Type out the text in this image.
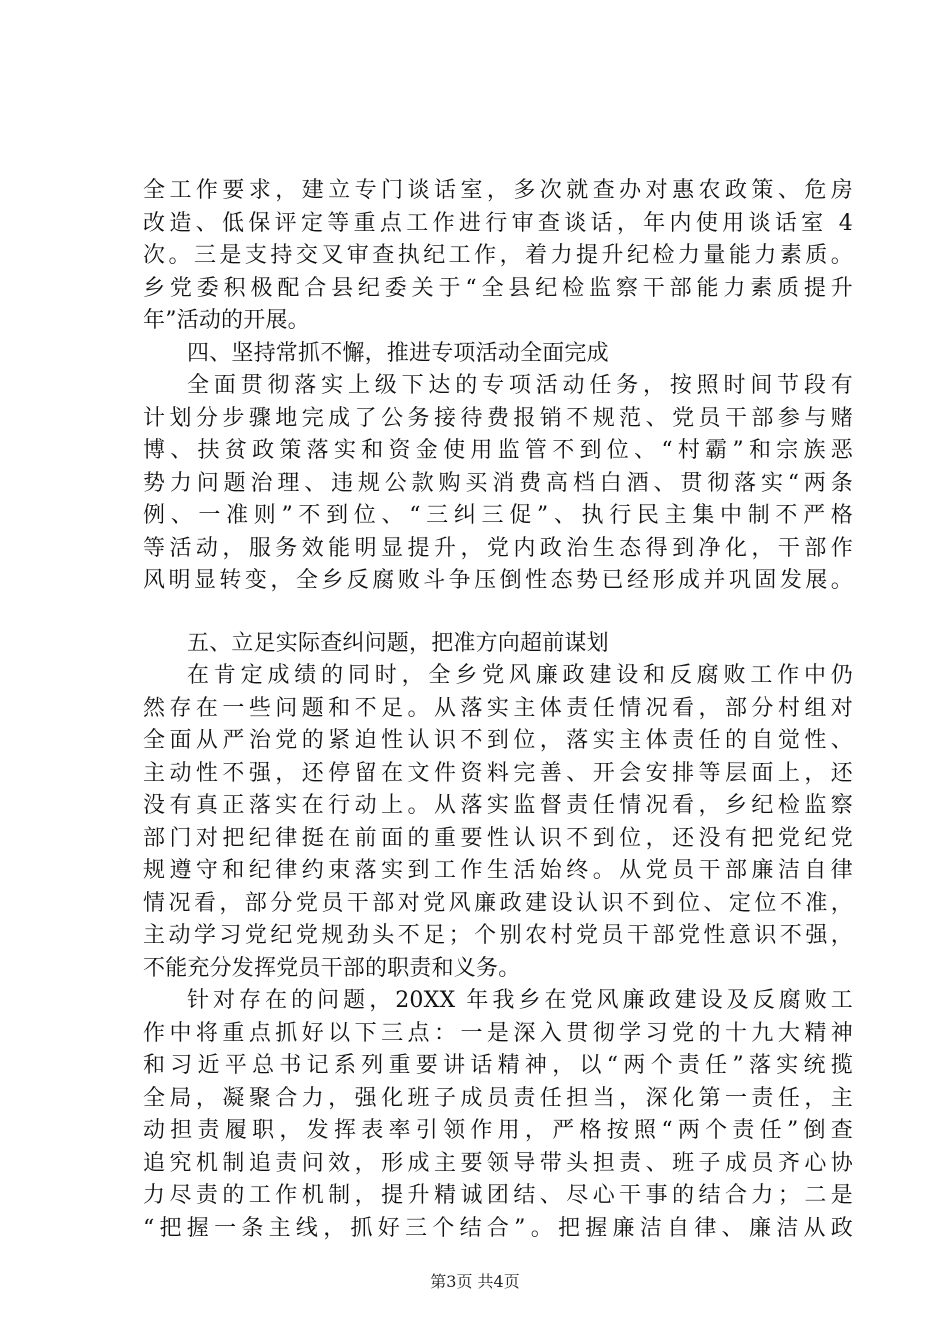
全工作要求，建立专门谈话室，多次就查办对惠农政策、危房
改造、低保评定等重点工作进行审查谈话，年内使用谈话室 4
次。三是支持交叉审查执纪工作，着力提升纪检力量能力素质。
乡党委积极配合县纪委关于“全县纪检监察干部能力素质提升
年”活动的开展。
四、坚持常抓不懈，推进专项活动全面完成
全面贯彻落实上级下达的专项活动任务，按照时间节段有
计划分步骤地完成了公务接待费报销不规范、党员干部参与赌
博、扶贫政策落实和资金使用监管不到位、“村霸”和宗族恶
势力问题治理、违规公款购买消费高档白酒、贯彻落实“两条
例、一准则”不到位、“三纠三促”、执行民主集中制不严格
等活动，服务效能明显提升，党内政治生态得到净化，干部作
风明显转变，全乡反腐败斗争压倒性态势已经形成并巩固发展。
五、立足实际查纠问题，把准方向超前谋划
在肯定成绩的同时，全乡党风廉政建设和反腐败工作中仍
然存在一些问题和不足。从落实主体责任情况看，部分村组对
全面从严治党的紧迫性认识不到位，落实主体责任的自觉性、
主动性不强，还停留在文件资料完善、开会安排等层面上，还
没有真正落实在行动上。从落实监督责任情况看，乡纪检监察
部门对把纪律挺在前面的重要性认识不到位，还没有把党纪党
规遵守和纪律约束落实到工作生活始终。从党员干部廉洁自律
情况看，部分党员干部对党风廉政建设认识不到位、定位不准，
主动学习党纪党规劲头不足；个别农村党员干部党性意识不强，
不能充分发挥党员干部的职责和义务。
针对存在的问题，20XX 年我乡在党风廉政建设及反腐败工
作中将重点抓好以下三点：一是深入贯彻学习党的十九大精神
和习近平总书记系列重要讲话精神，以“两个责任”落实统揽
全局，凝聚合力，强化班子成员责任担当，深化第一责任，主
动担责履职，发挥表率引领作用，严格按照“两个责任”倒查
追究机制追责问效，形成主要领导带头担责、班子成员齐心协
力尽责的工作机制，提升精诚团结、尽心干事的结合力；二是
“把握一条主线，抓好三个结合”。把握廉洁自律、廉洁从政
第3页 共4页
